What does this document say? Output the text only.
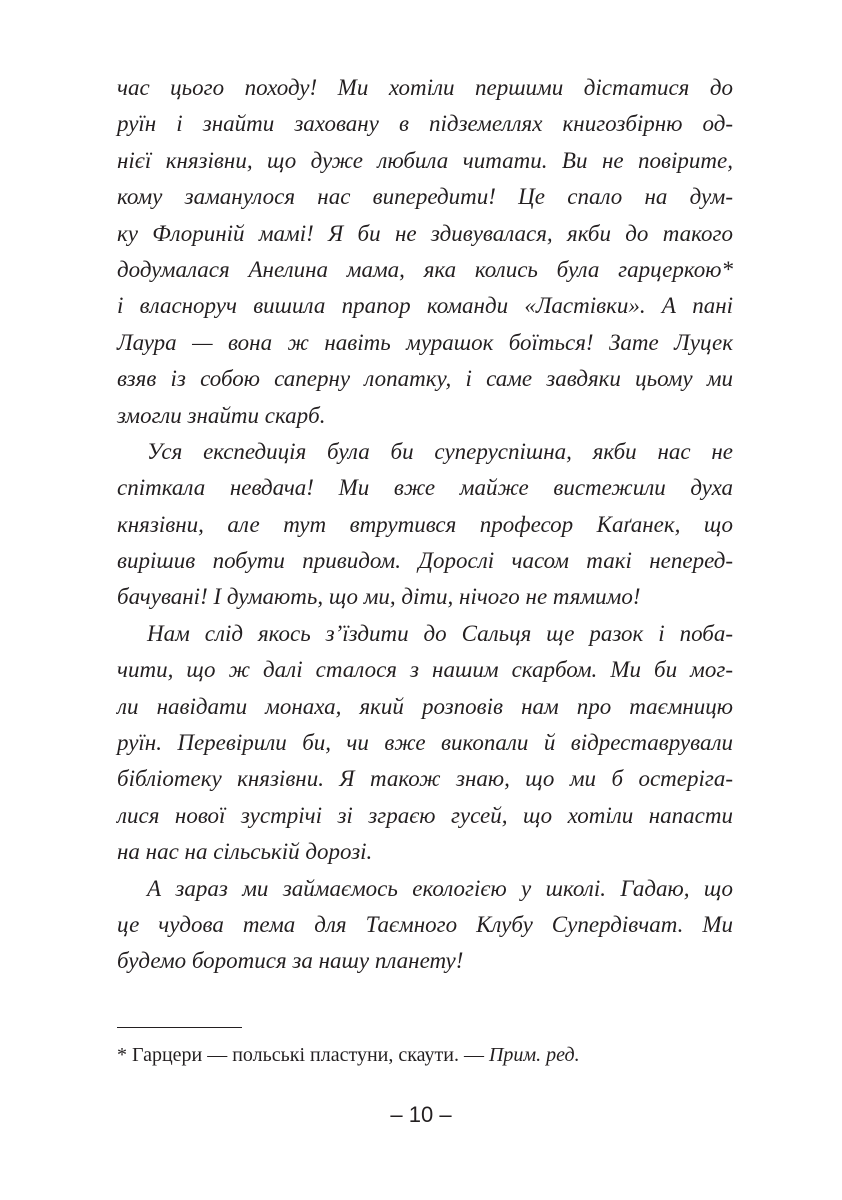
час цього походу! Ми хотіли першими дістатися до
руїн і знайти заховану в підземеллях книгозбірню од-
нієї князівни, що дуже любила читати. Ви не повірите,
кому заманулося нас випередити! Це спало на дум-
ку Флориній мамі! Я би не здивувалася, якби до такого
додумалася Анелина мама, яка колись була гарцеркою*
і власноруч вишила прапор команди «Ластівки». А пані
Лаура — вона ж навіть мурашок боїться! Зате Луцек
взяв із собою саперну лопатку, і саме завдяки цьому ми
змогли знайти скарб.
Уся експедиція була би суперуспішна, якби нас не
спіткала невдача! Ми вже майже вистежили духа
князівни, але тут втрутився професор Каґанек, що
вирішив побути привидом. Дорослі часом такі неперед-
бачувані! І думають, що ми, діти, нічого не тямимо!
Нам слід якось з’їздити до Сальця ще разок і поба-
чити, що ж далі сталося з нашим скарбом. Ми би мог-
ли навідати монаха, який розповів нам про таємницю
руїн. Перевірили би, чи вже викопали й відреставрували
бібліотеку князівни. Я також знаю, що ми б остеріга-
лися нової зустрічі зі зграєю гусей, що хотіли напасти
на нас на сільській дорозі.
А зараз ми займаємось екологією у школі. Гадаю, що
це чудова тема для Таємного Клубу Супердівчат. Ми
будемо боротися за нашу планету!
* Гарцери — польські пластуни, скаути. — Прим. ред.
– 10 –
